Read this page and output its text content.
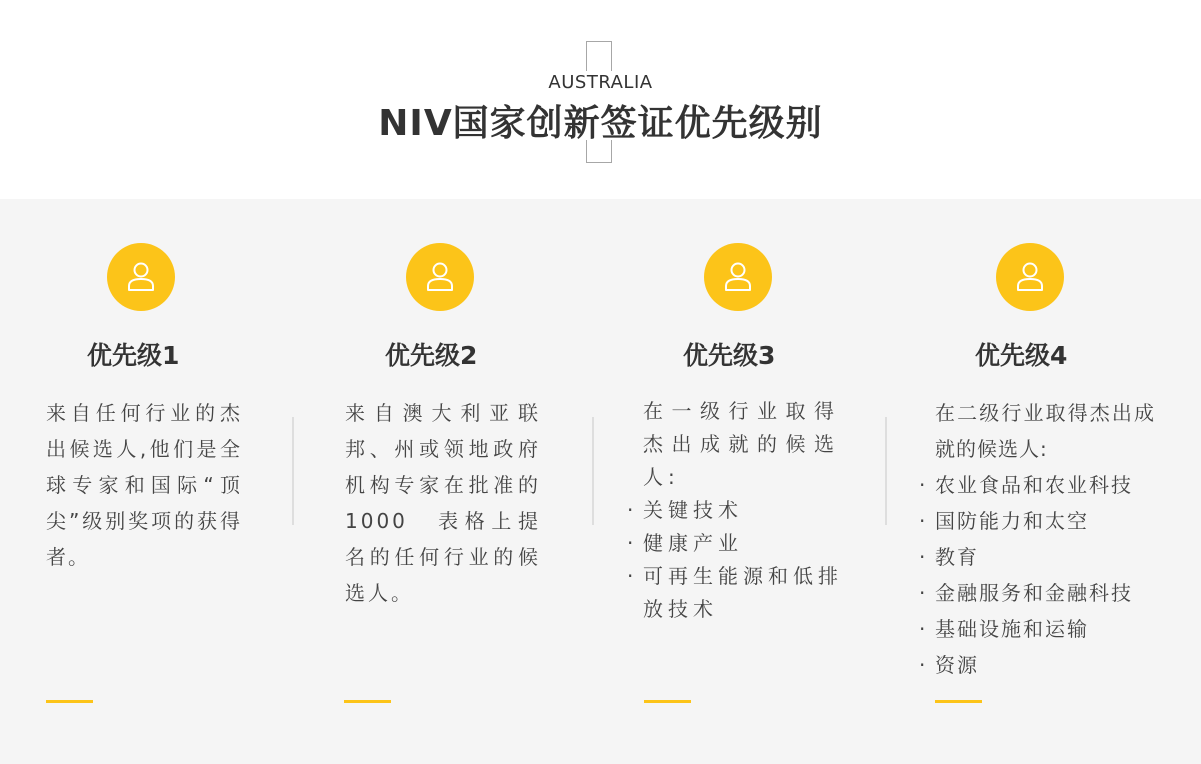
AUSTRALIA
NIV国家创新签证优先级别
优先级1
来自任何行业的杰出候选人,他们是全球专家和国际“顶尖”级别奖项的获得者。
优先级2
来自澳大利亚联邦、州或领地政府机构专家在批准的1000　表格上提名的任何行业的候选人。
优先级3
在一级行业取得杰出成就的候选人:
· 关键技术
· 健康产业
· 可再生能源和低排放技术
优先级4
在二级行业取得杰出成就的候选人:
· 农业食品和农业科技
· 国防能力和太空
· 教育
· 金融服务和金融科技
· 基础设施和运输
· 资源
